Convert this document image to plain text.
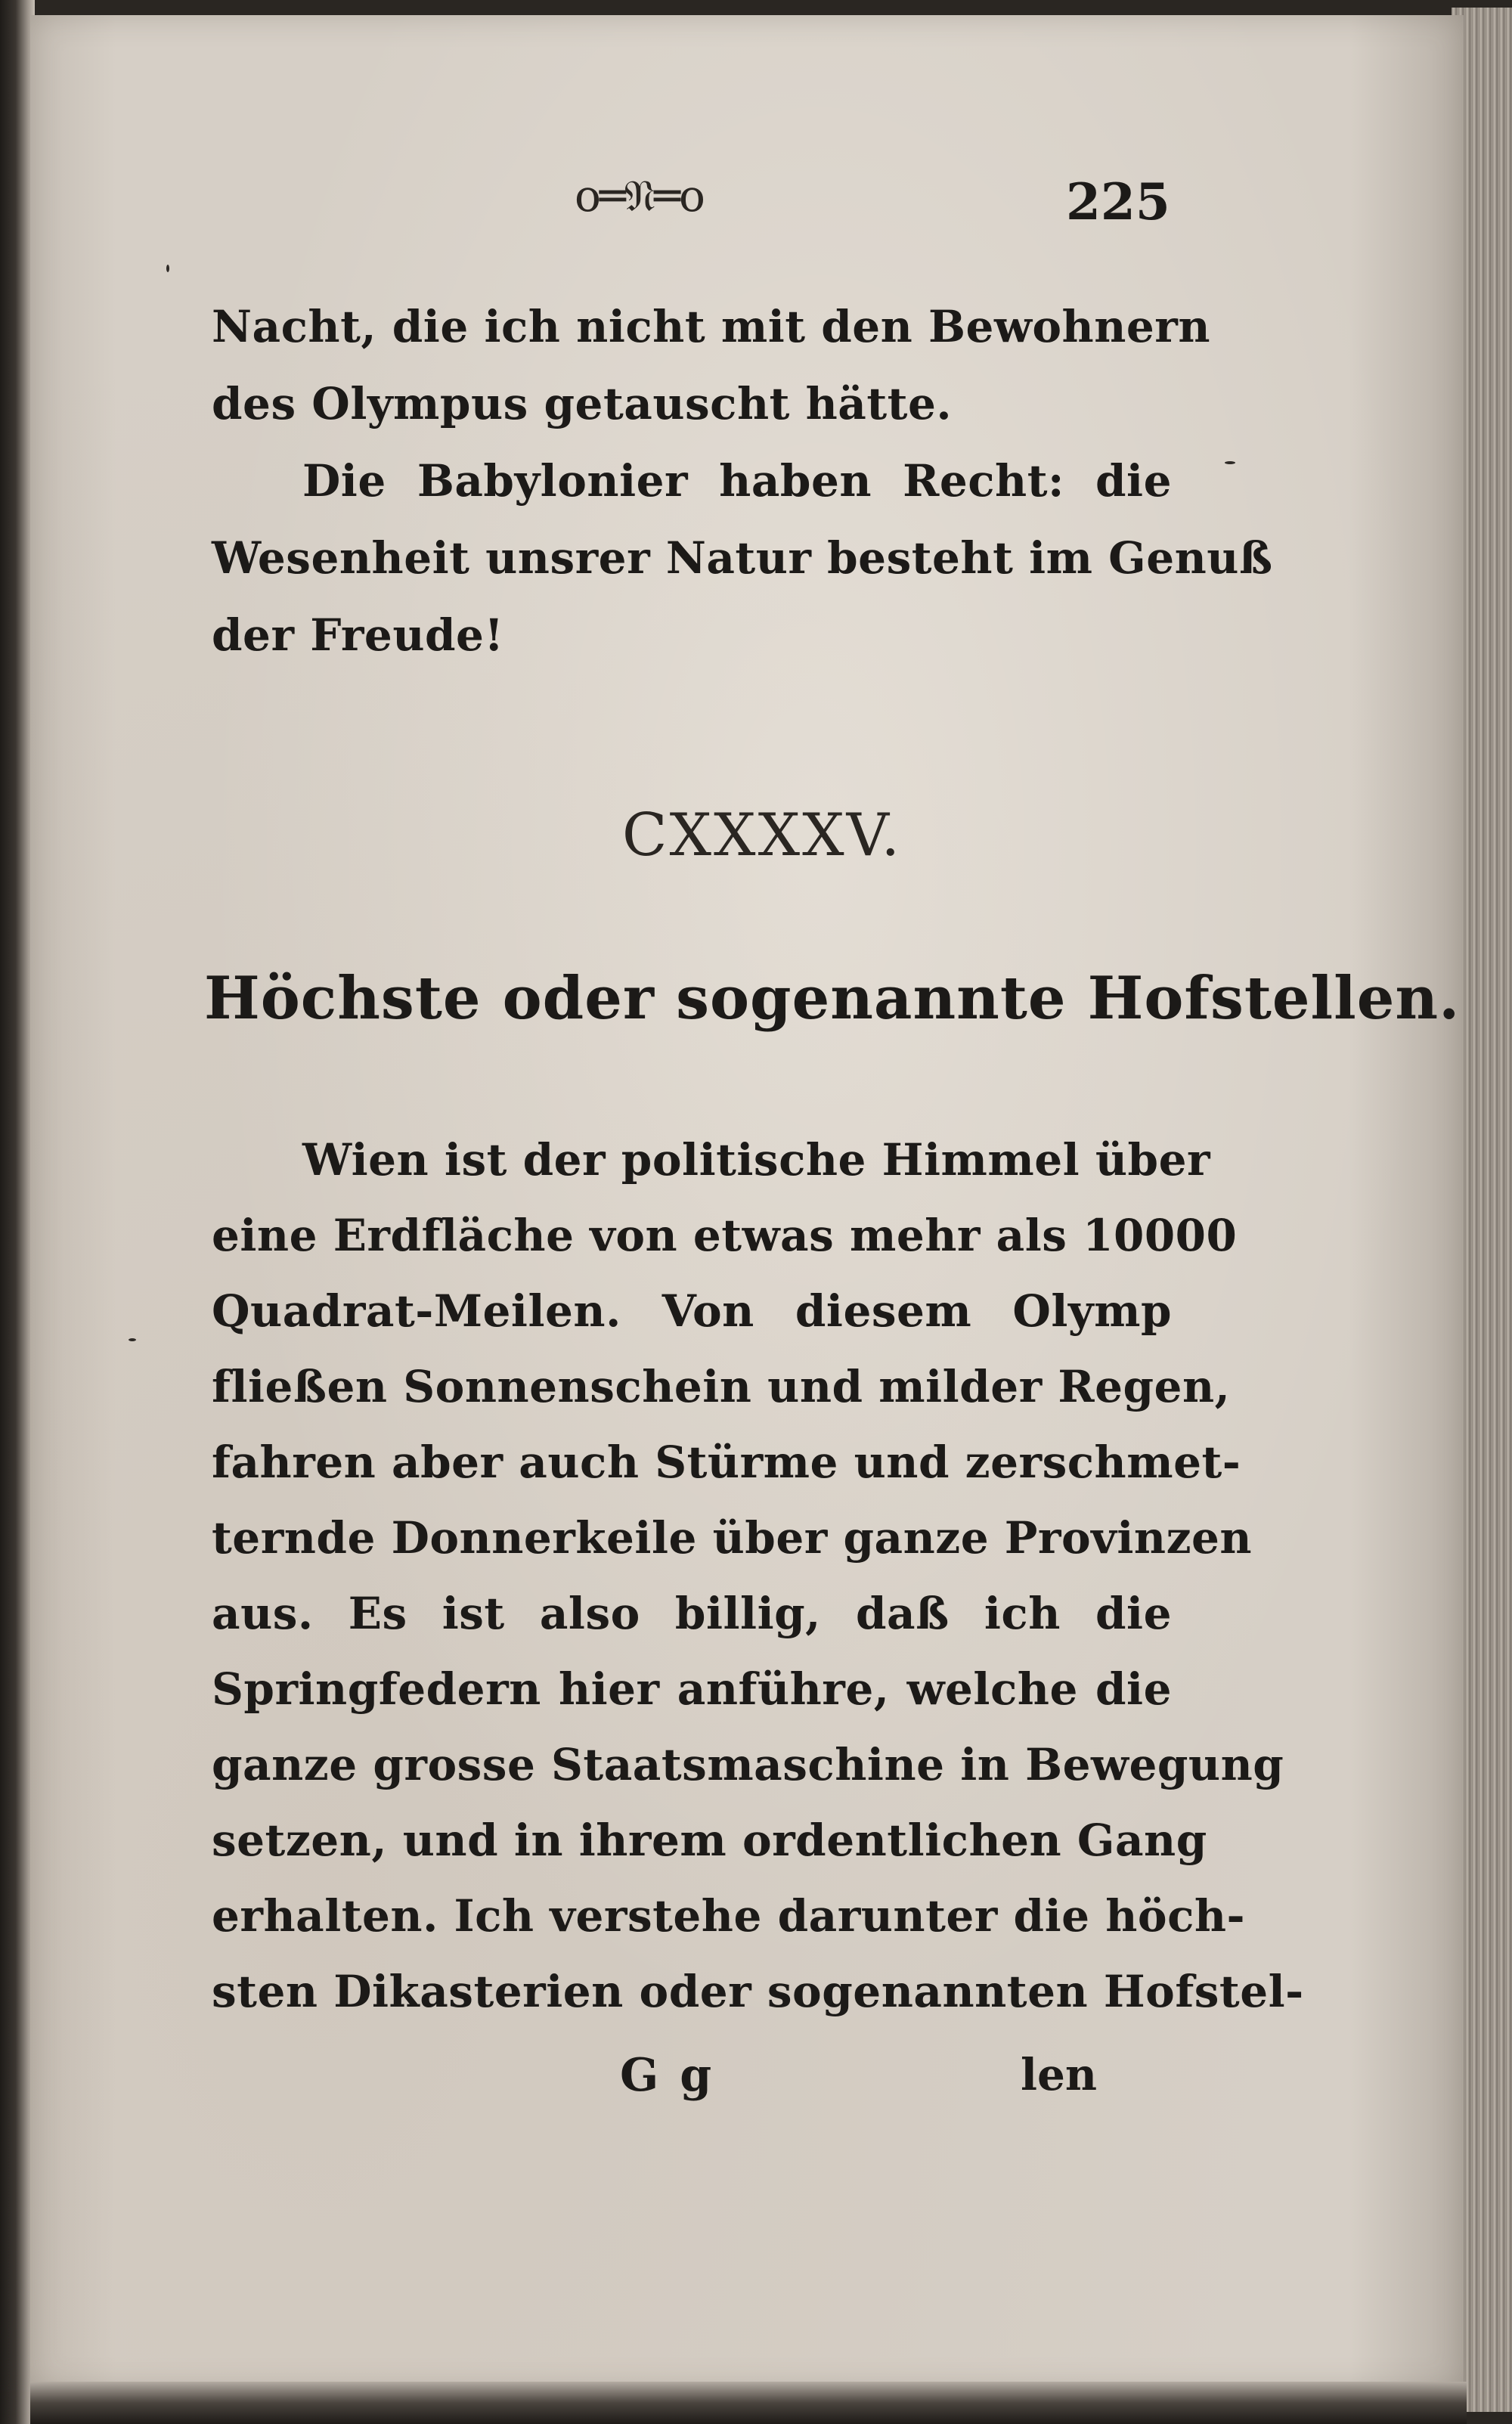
o═𝔑═o	225
Nacht, die ich nicht mit den Bewohnern
des Olympus getauscht hätte.
Die Babylonier haben Recht: die
Wesenheit unsrer Natur besteht im Genuß
der Freude!
CXXXXV.
Höchste oder sogenannte Hofstellen.
Wien ist der politische Himmel über
eine Erdfläche von etwas mehr als 10000
Quadrat-Meilen. Von diesem Olymp
fließen Sonnenschein und milder Regen,
fahren aber auch Stürme und zerschmet-
ternde Donnerkeile über ganze Provinzen
aus. Es ist also billig, daß ich die
Springfedern hier anführe, welche die
ganze grosse Staatsmaschine in Bewegung
setzen, und in ihrem ordentlichen Gang
erhalten. Ich verstehe darunter die höch-
sten Dikasterien oder sogenannten Hofstel-
Gg	len
